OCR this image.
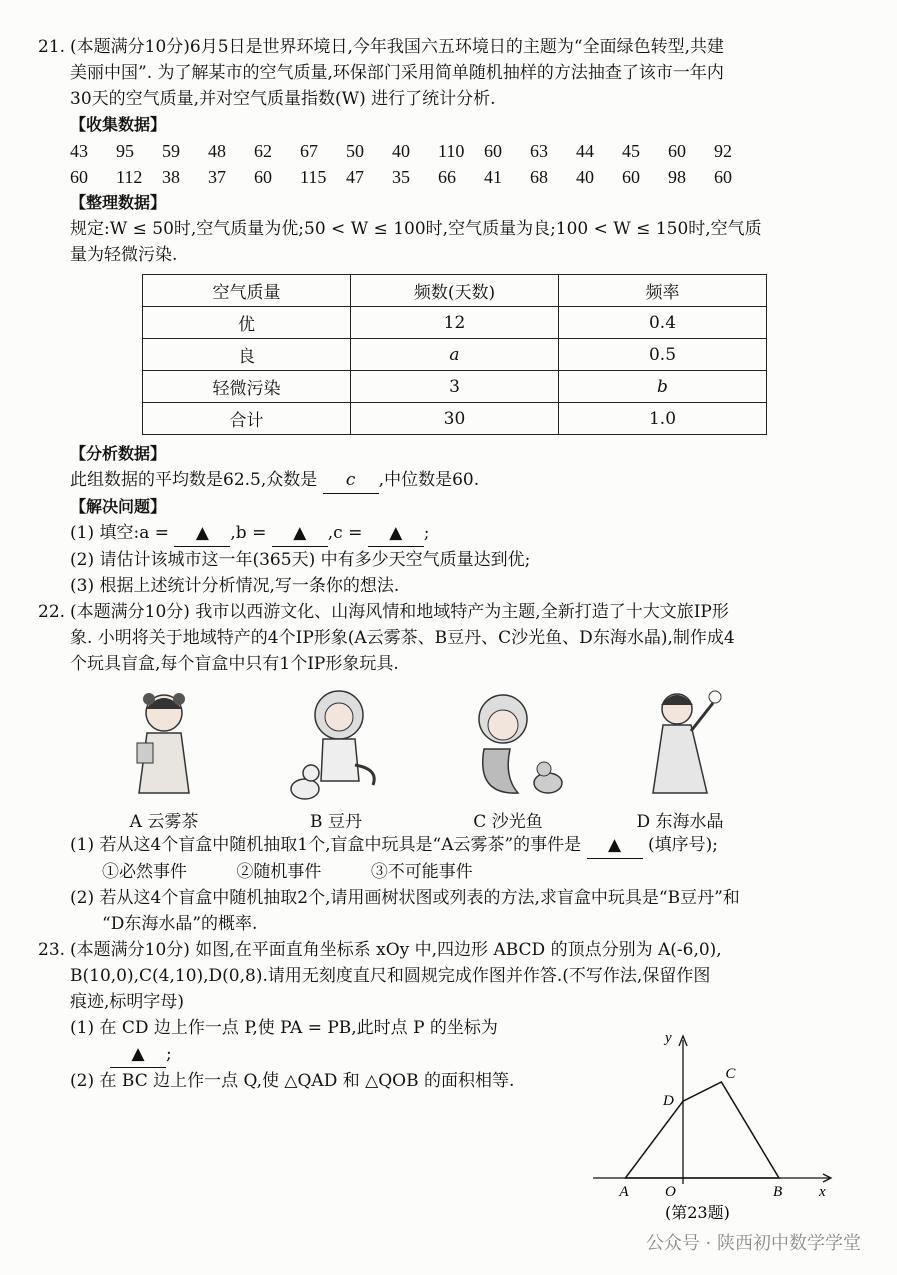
21. (本题满分10分)6月5日是世界环境日,今年我国六五环境日的主题为“全面绿色转型,共建
美丽中国”. 为了解某市的空气质量,环保部门采用简单随机抽样的方法抽查了该市一年内
30天的空气质量,并对空气质量指数(W) 进行了统计分析.
【收集数据】
43	95	59	48	62	67	50	40	110	60	63	44	45	60	92
60	112	38	37	60	115	47	35	66	41	68	40	60	98	60
【整理数据】
规定:W ≤ 50时,空气质量为优;50 < W ≤ 100时,空气质量为良;100 < W ≤ 150时,空气质
量为轻微污染.
空气质量	频数(天数)	频率
优	12	0.4
良	a	0.5
轻微污染	3	b
合计	30	1.0
【分析数据】
此组数据的平均数是62.5,众数是 c ,中位数是60.
【解决问题】
(1) 填空:a = ▲ ,b = ▲ ,c = ▲ ;
(2) 请估计该城市这一年(365天) 中有多少天空气质量达到优;
(3) 根据上述统计分析情况,写一条你的想法.
22. (本题满分10分) 我市以西游文化、山海风情和地域特产为主题,全新打造了十大文旅IP形
象. 小明将关于地域特产的4个IP形象(A云雾茶、B豆丹、C沙光鱼、D东海水晶),制作成4
个玩具盲盒,每个盲盒中只有1个IP形象玩具.
A 云雾茶	B 豆丹	C 沙光鱼	D 东海水晶
(1) 若从这4个盲盒中随机抽取1个,盲盒中玩具是“A云雾茶”的事件是 ▲ (填序号);
①必然事件	②随机事件	③不可能事件
(2) 若从这4个盲盒中随机抽取2个,请用画树状图或列表的方法,求盲盒中玩具是“B豆丹”和
“D东海水晶”的概率.
23. (本题满分10分) 如图,在平面直角坐标系 xOy 中,四边形 ABCD 的顶点分别为 A(-6,0),
B(10,0),C(4,10),D(0,8).请用无刻度直尺和圆规完成作图并作答.(不写作法,保留作图
痕迹,标明字母)
(1) 在 CD 边上作一点 P,使 PA = PB,此时点 P 的坐标为
▲ ;
(2) 在 BC 边上作一点 Q,使 △QAD 和 △QOB 的面积相等.
A	B
C
D
O	x
y
(第23题)
公众号 · 陕西初中数学学堂
